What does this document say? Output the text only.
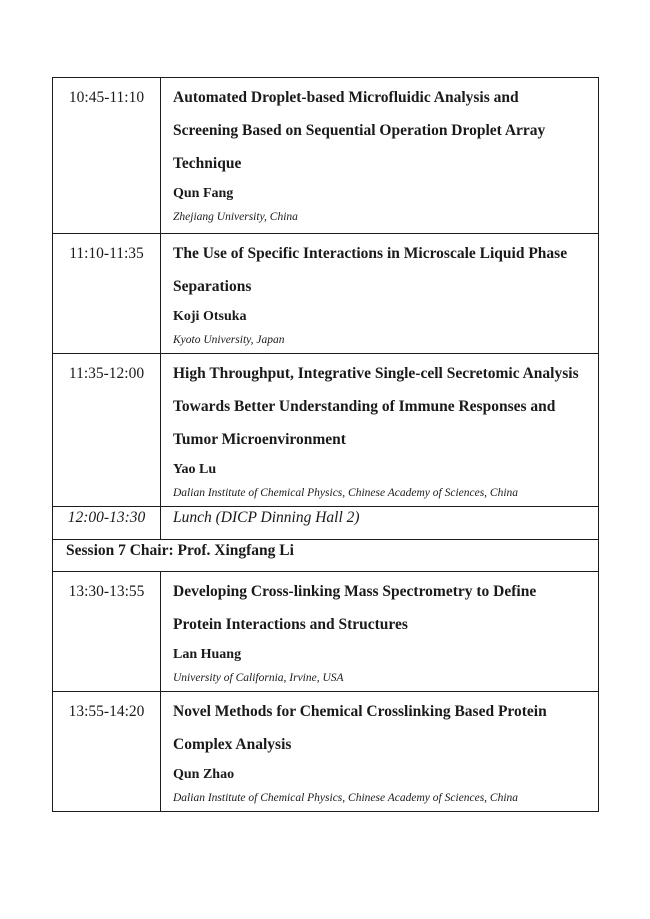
10:45-11:10	Automated Droplet-based Microfluidic Analysis and Screening Based on Sequential Operation Droplet Array Technique

Qun Fang

Zhejiang University, China

11:10-11:35	The Use of Specific Interactions in Microscale Liquid Phase Separations

Koji Otsuka

Kyoto University, Japan

11:35-12:00	High Throughput, Integrative Single-cell Secretomic Analysis Towards Better Understanding of Immune Responses and Tumor Microenvironment

Yao Lu

Dalian Institute of Chemical Physics, Chinese Academy of Sciences, China

12:00-13:30	Lunch (DICP Dinning Hall 2)
Session 7 Chair: Prof. Xingfang Li	
13:30-13:55	Developing Cross-linking Mass Spectrometry to Define Protein Interactions and Structures

Lan Huang

University of California, Irvine, USA

13:55-14:20	Novel Methods for Chemical Crosslinking Based Protein Complex Analysis

Qun Zhao

Dalian Institute of Chemical Physics, Chinese Academy of Sciences, China
